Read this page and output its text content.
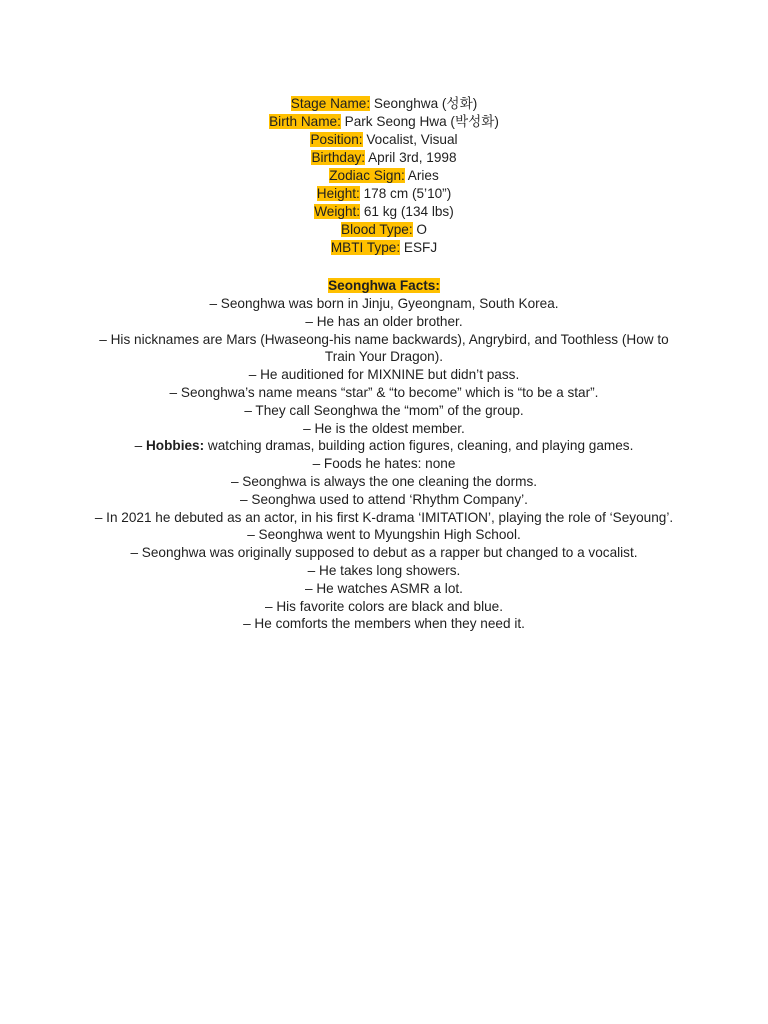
Stage Name: Seonghwa (성화)

Birth Name: Park Seong Hwa (박성화)

Position: Vocalist, Visual

Birthday: April 3rd, 1998

Zodiac Sign: Aries

Height: 178 cm (5’10”)

Weight: 61 kg (134 lbs)

Blood Type: O

MBTI Type: ESFJ

Seonghwa Facts:

– Seonghwa was born in Jinju, Gyeongnam, South Korea.

– He has an older brother.

– His nicknames are Mars (Hwaseong-his name backwards), Angrybird, and Toothless (How to Train Your Dragon).

– He auditioned for MIXNINE but didn’t pass.

– Seonghwa’s name means “star” & “to become” which is “to be a star”.

– They call Seonghwa the “mom” of the group.

– He is the oldest member.

– Hobbies: watching dramas, building action figures, cleaning, and playing games.

– Foods he hates: none

– Seonghwa is always the one cleaning the dorms.

– Seonghwa used to attend ‘Rhythm Company’.

– In 2021 he debuted as an actor, in his first K-drama ‘IMITATION’, playing the role of ‘Seyoung’.

– Seonghwa went to Myungshin High School.

– Seonghwa was originally supposed to debut as a rapper but changed to a vocalist.

– He takes long showers.

– He watches ASMR a lot.

– His favorite colors are black and blue.

– He comforts the members when they need it.
